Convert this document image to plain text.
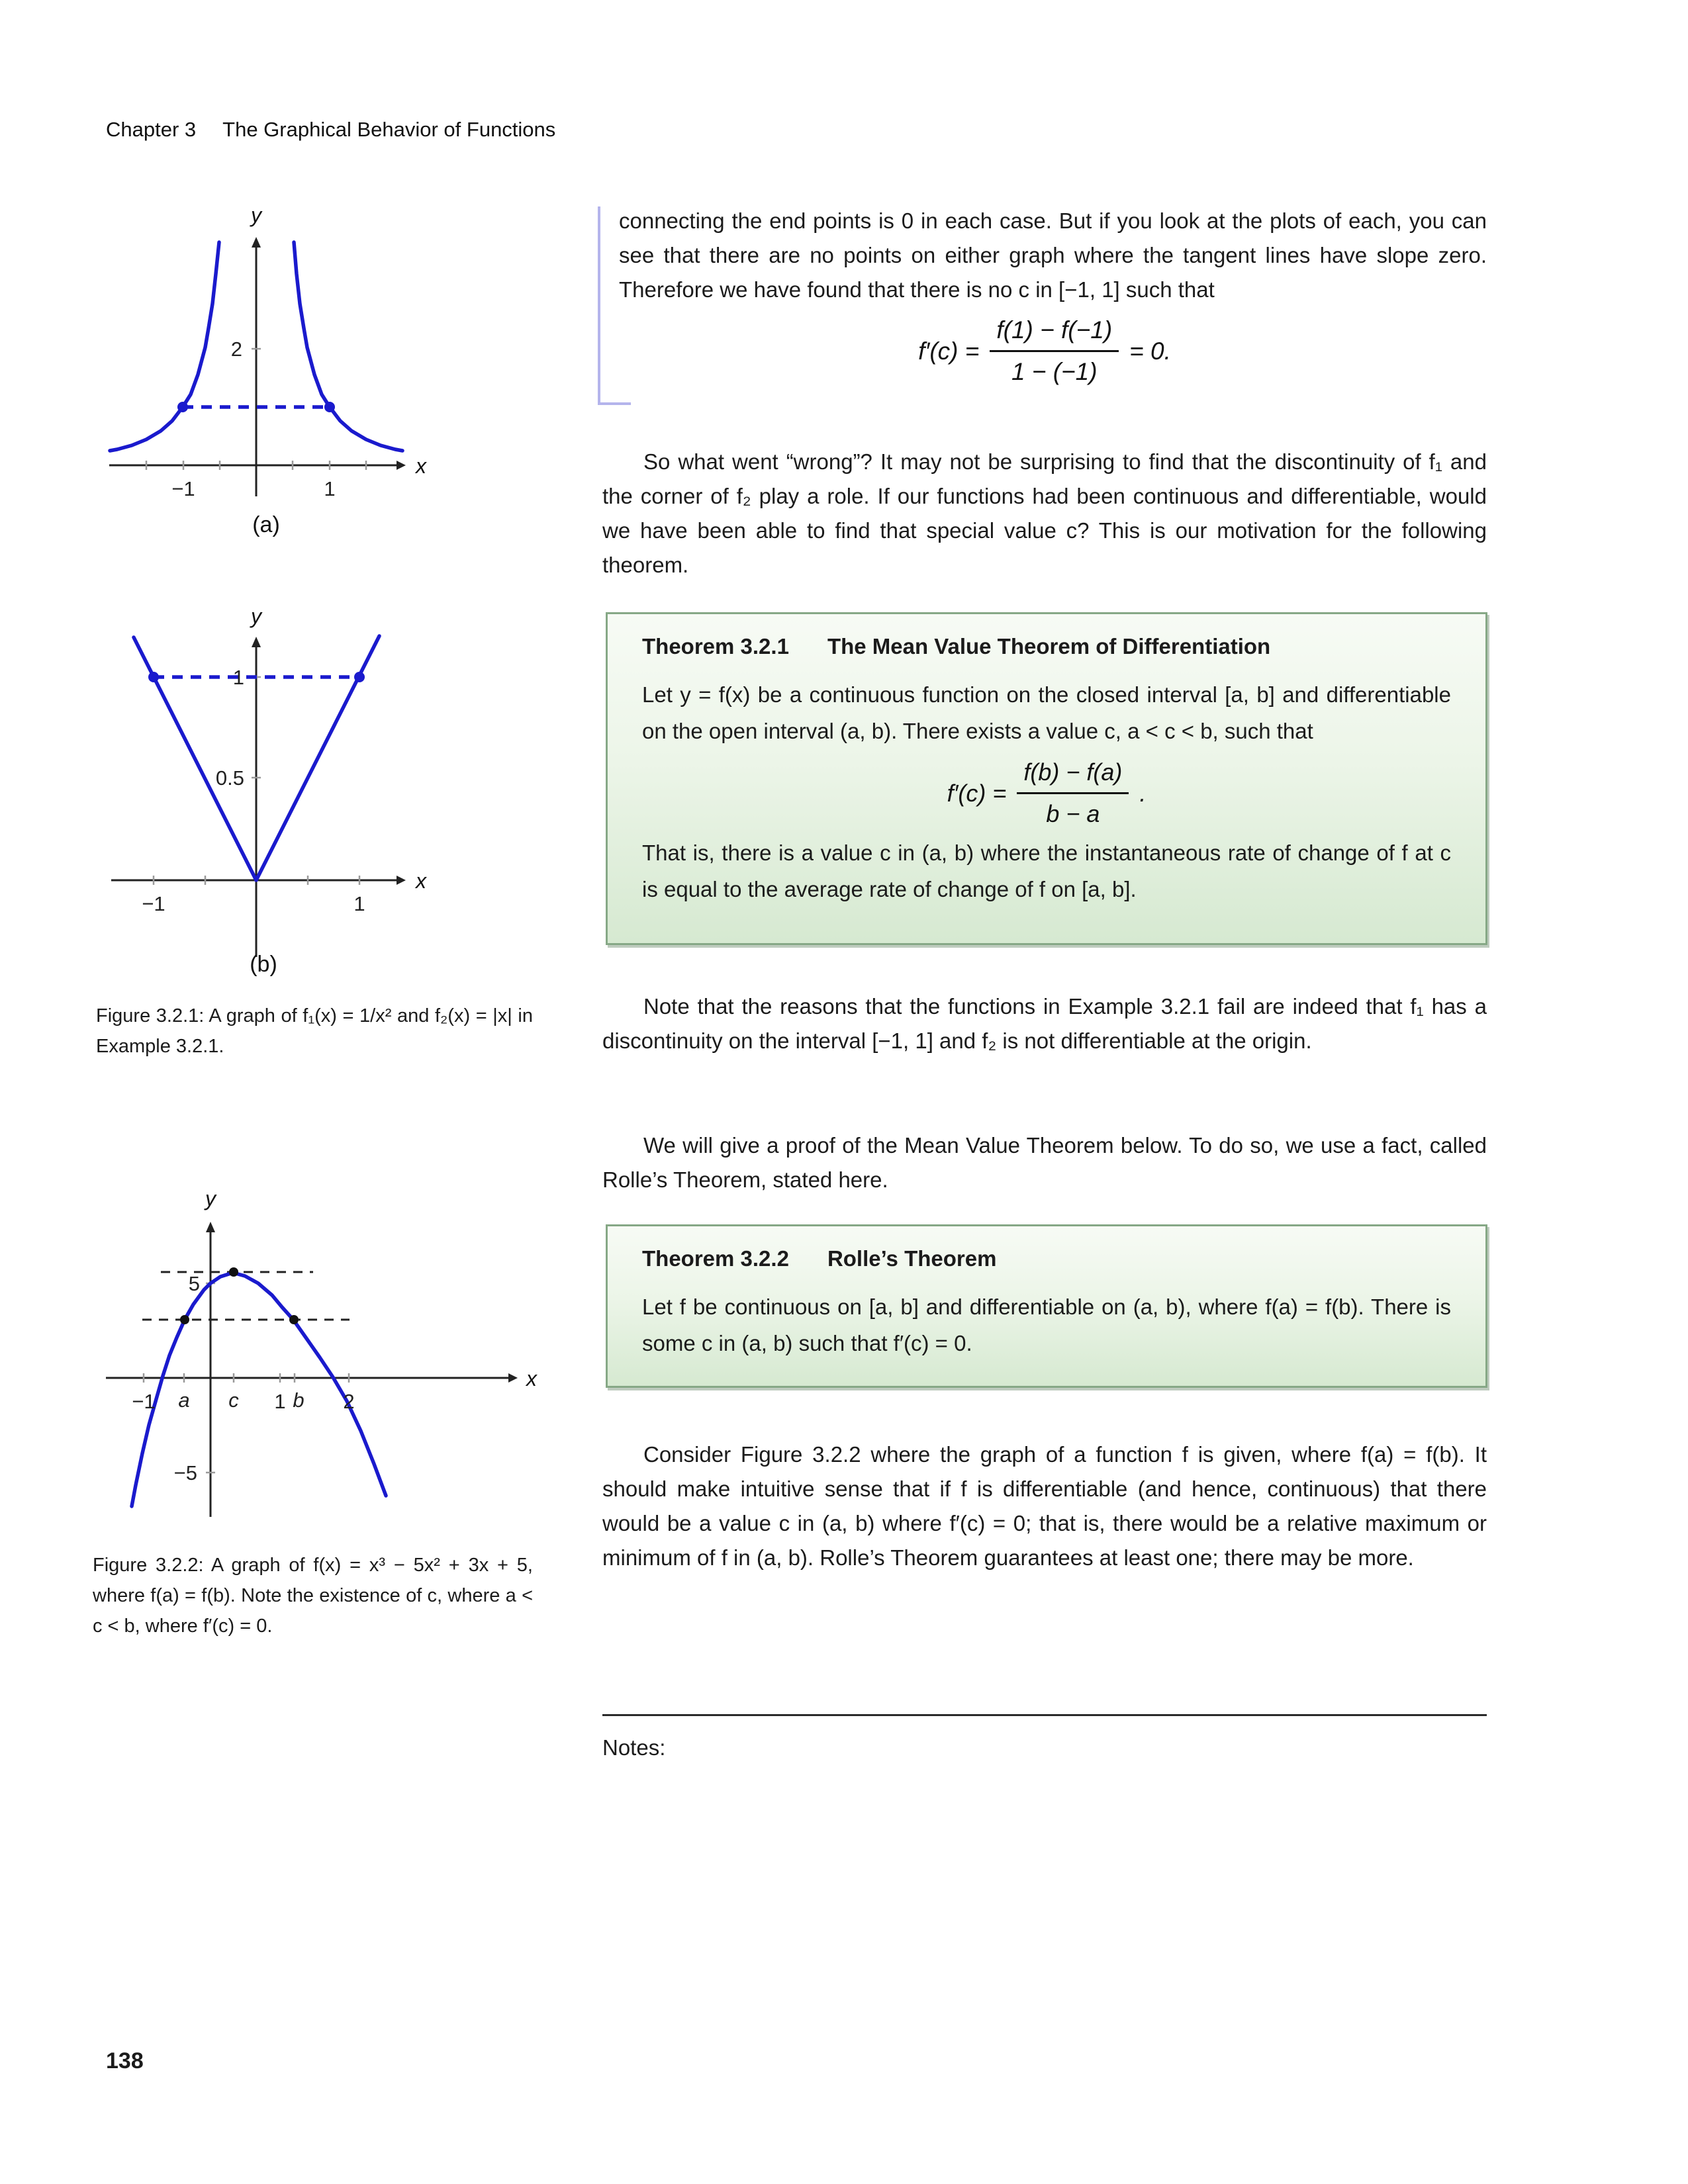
Chapter 3 The Graphical Behavior of Functions
−1	1
2
x
y
(a)
−1	1
1
0.5
x
y
(b)
Figure 3.2.1: A graph of f₁(x) = 1/x² and f₂(x) = |x| in Example 3.2.1.
−1 a c 1 b 2
5
−5
x
y
Figure 3.2.2: A graph of f(x) = x³ − 5x² + 3x + 5, where f(a) = f(b). Note the existence of c, where a < c < b, where f′(c) = 0.
138
connecting the end points is 0 in each case. But if you look at the plots of each, you can see that there are no points on either graph where the tangent lines have slope zero. Therefore we have found that there is no c in [−1, 1] such that
$f'(c) = \frac{f(1) - f(-1)}{1 - (-1)} = 0$.
So what went “wrong”? It may not be surprising to find that the discontinuity of f₁ and the corner of f₂ play a role. If our functions had been continuous and differentiable, would we have been able to find that special value c? This is our motivation for the following theorem.
Theorem 3.2.1 The Mean Value Theorem of Differentiation
Let y = f(x) be a continuous function on the closed interval [a, b] and differentiable on the open interval (a, b). There exists a value c, a < c < b, such that
$f'(c) = \frac{f(b) - f(a)}{b - a}$ .
That is, there is a value c in (a, b) where the instantaneous rate of change of f at c is equal to the average rate of change of f on [a, b].
Note that the reasons that the functions in Example 3.2.1 fail are indeed that f₁ has a discontinuity on the interval [−1, 1] and f₂ is not differentiable at the origin.
We will give a proof of the Mean Value Theorem below. To do so, we use a fact, called Rolle’s Theorem, stated here.
Theorem 3.2.2 Rolle’s Theorem
Let f be continuous on [a, b] and differentiable on (a, b), where f(a) = f(b). There is some c in (a, b) such that f′(c) = 0.
Consider Figure 3.2.2 where the graph of a function f is given, where f(a) = f(b). It should make intuitive sense that if f is differentiable (and hence, continuous) that there would be a value c in (a, b) where f′(c) = 0; that is, there would be a relative maximum or minimum of f in (a, b). Rolle’s Theorem guarantees at least one; there may be more.
Notes:
